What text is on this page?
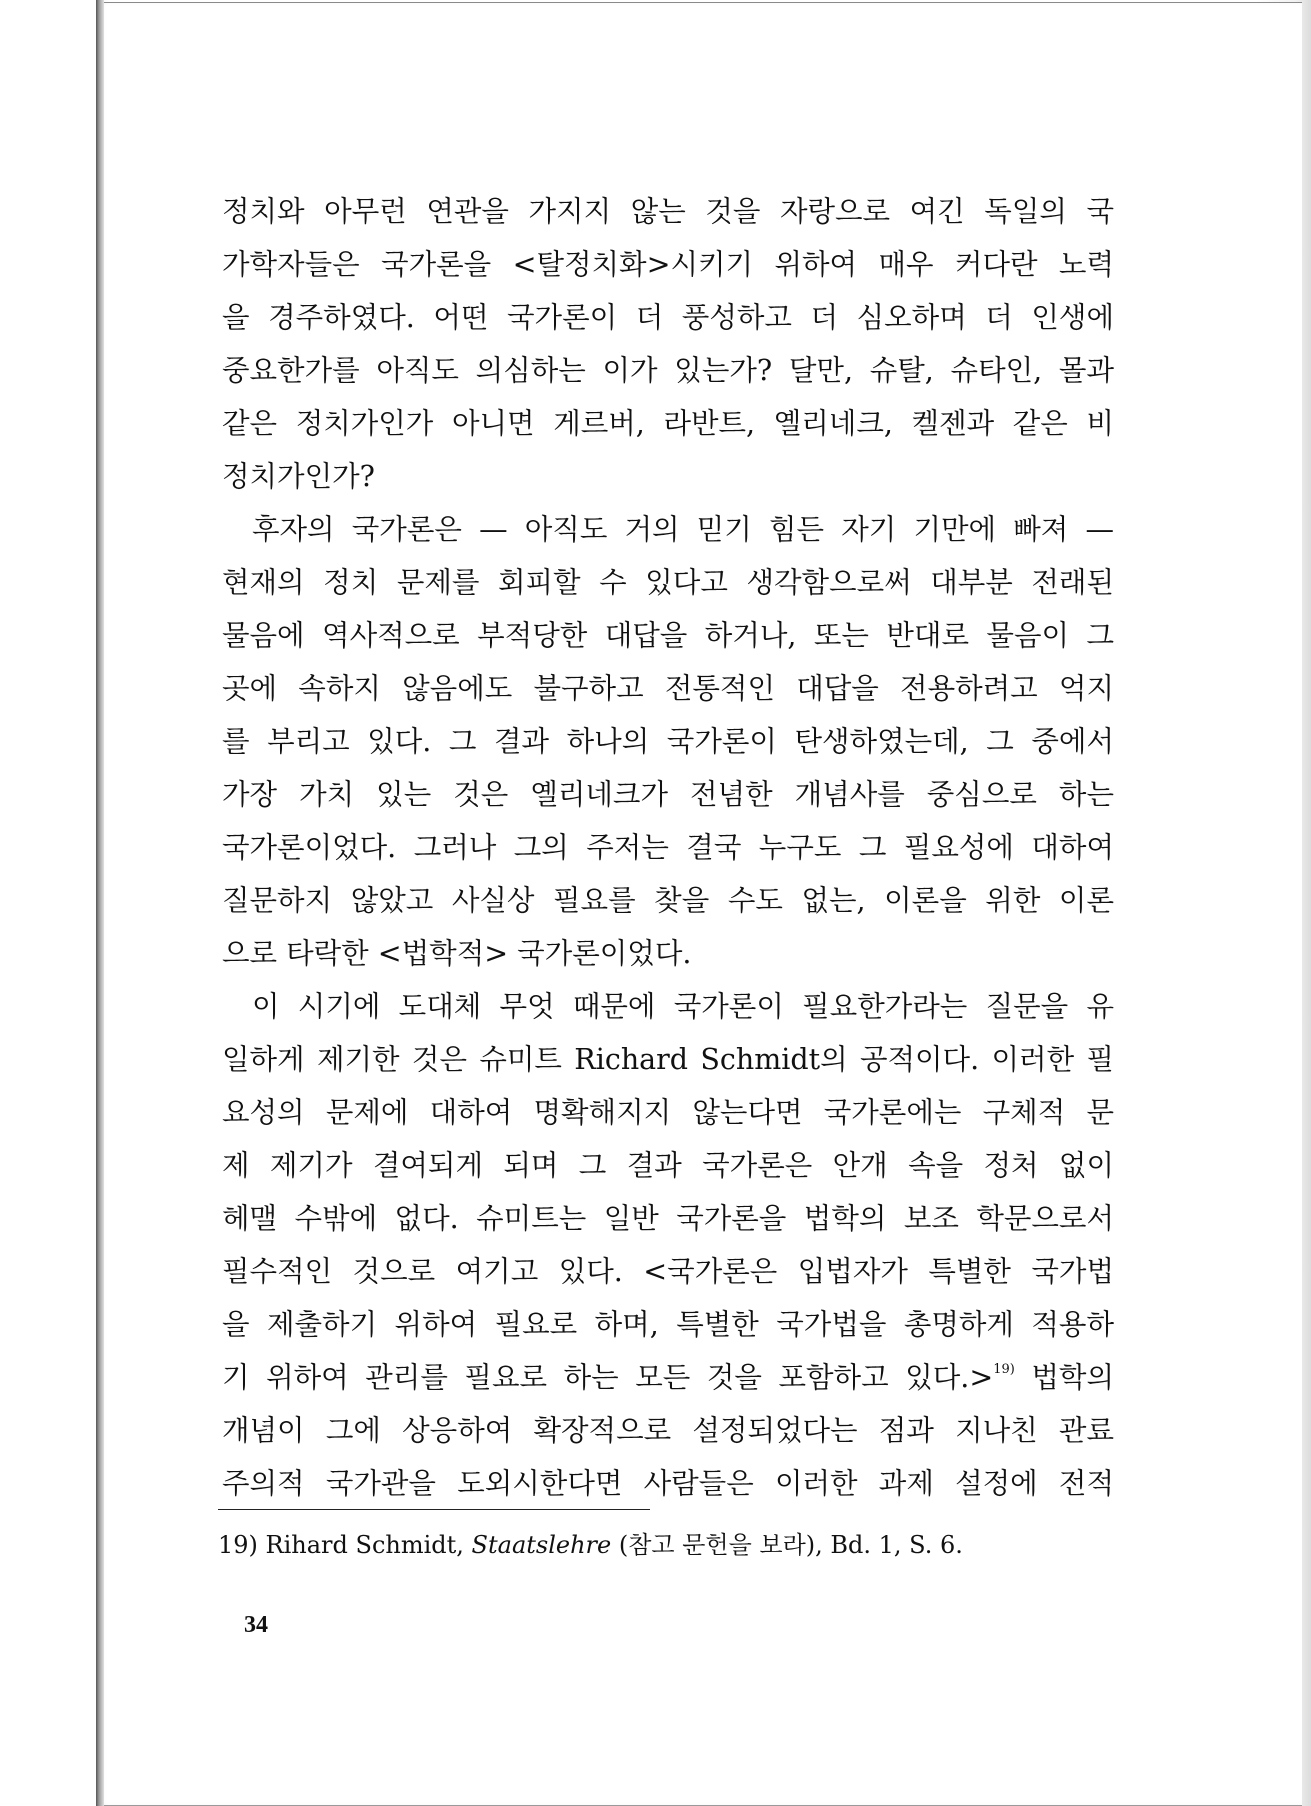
정치와 아무런 연관을 가지지 않는 것을 자랑으로 여긴 독일의 국
가학자들은 국가론을 <탈정치화>시키기 위하여 매우 커다란 노력
을 경주하였다. 어떤 국가론이 더 풍성하고 더 심오하며 더 인생에
중요한가를 아직도 의심하는 이가 있는가? 달만, 슈탈, 슈타인, 몰과
같은 정치가인가 아니면 게르버, 라반트, 옐리네크, 켈젠과 같은 비
정치가인가?
후자의 국가론은 — 아직도 거의 믿기 힘든 자기 기만에 빠져 —
현재의 정치 문제를 회피할 수 있다고 생각함으로써 대부분 전래된
물음에 역사적으로 부적당한 대답을 하거나, 또는 반대로 물음이 그
곳에 속하지 않음에도 불구하고 전통적인 대답을 전용하려고 억지
를 부리고 있다. 그 결과 하나의 국가론이 탄생하였는데, 그 중에서
가장 가치 있는 것은 옐리네크가 전념한 개념사를 중심으로 하는
국가론이었다. 그러나 그의 주저는 결국 누구도 그 필요성에 대하여
질문하지 않았고 사실상 필요를 찾을 수도 없는, 이론을 위한 이론
으로 타락한 <법학적> 국가론이었다.
이 시기에 도대체 무엇 때문에 국가론이 필요한가라는 질문을 유
일하게 제기한 것은 슈미트 Richard Schmidt의 공적이다. 이러한 필
요성의 문제에 대하여 명확해지지 않는다면 국가론에는 구체적 문
제 제기가 결여되게 되며 그 결과 국가론은 안개 속을 정처 없이
헤맬 수밖에 없다. 슈미트는 일반 국가론을 법학의 보조 학문으로서
필수적인 것으로 여기고 있다. <국가론은 입법자가 특별한 국가법
을 제출하기 위하여 필요로 하며, 특별한 국가법을 총명하게 적용하
기 위하여 관리를 필요로 하는 모든 것을 포함하고 있다.>$^{19)}$ 법학의
개념이 그에 상응하여 확장적으로 설정되었다는 점과 지나친 관료
주의적 국가관을 도외시한다면 사람들은 이러한 과제 설정에 전적
19) Rihard Schmidt, Staatslehre (참고 문헌을 보라), Bd. 1, S. 6.
34
